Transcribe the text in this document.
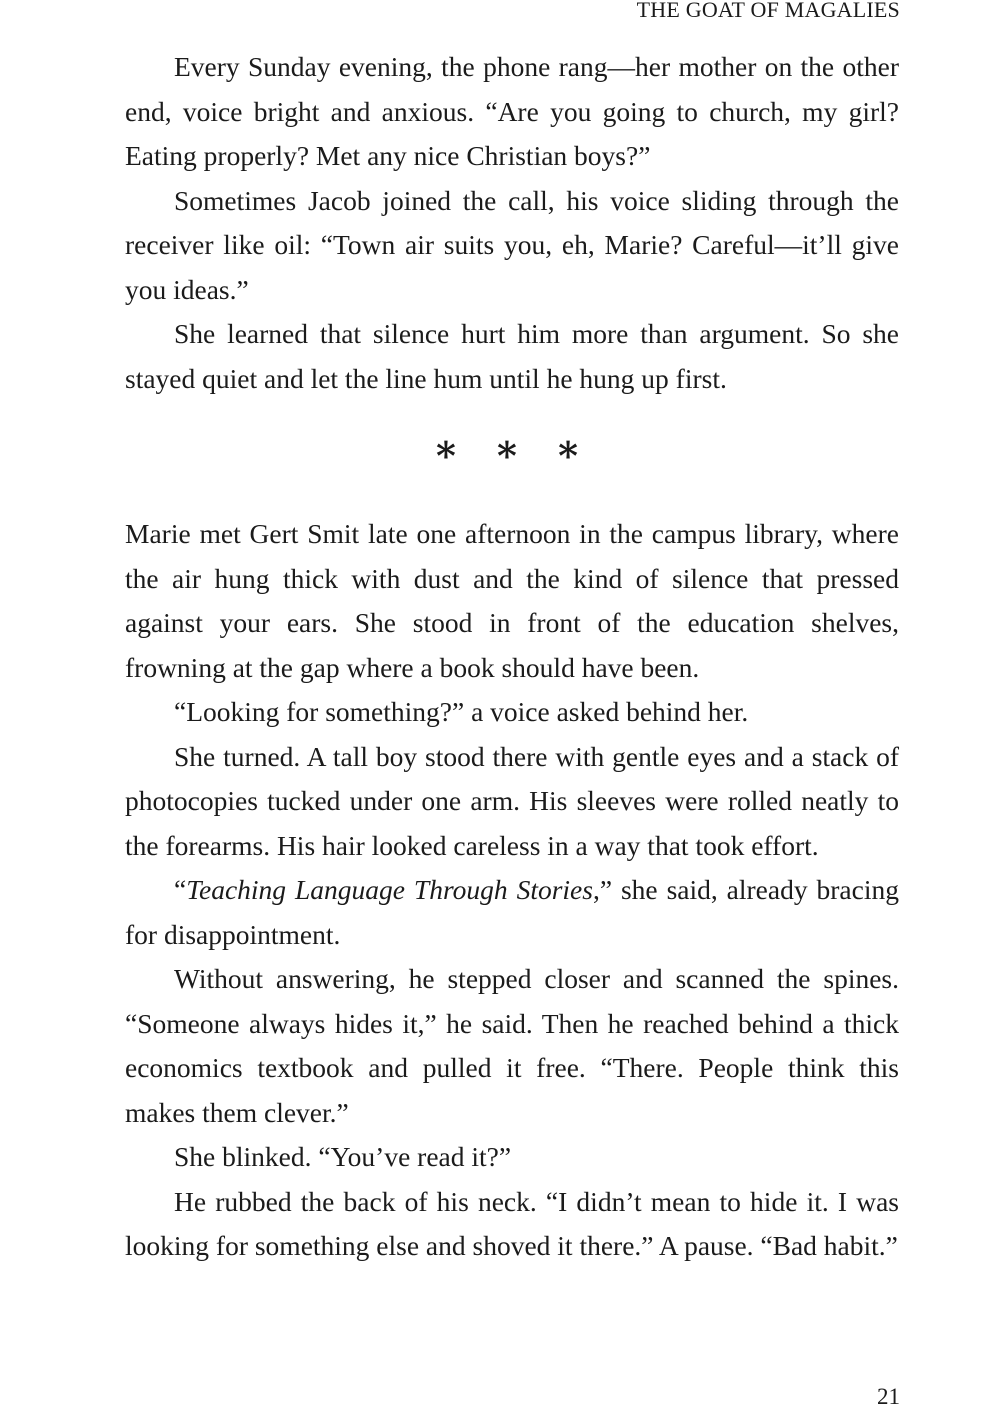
THE GOAT OF MAGALIES

Every Sunday evening, the phone rang—her mother on the other end, voice bright and anxious. “Are you going to church, my girl? Eating properly? Met any nice Christian boys?”

Sometimes Jacob joined the call, his voice sliding through the receiver like oil: “Town air suits you, eh, Marie? Careful—it’ll give you ideas.”

She learned that silence hurt him more than argument. So she stayed quiet and let the line hum until he hung up first.

* * *

Marie met Gert Smit late one afternoon in the campus library, where the air hung thick with dust and the kind of silence that pressed against your ears. She stood in front of the education shelves, frowning at the gap where a book should have been.

“Looking for something?” a voice asked behind her.

She turned. A tall boy stood there with gentle eyes and a stack of photocopies tucked under one arm. His sleeves were rolled neatly to the forearms. His hair looked careless in a way that took effort.

“Teaching Language Through Stories,” she said, already bracing for disappointment.

Without answering, he stepped closer and scanned the spines. “Someone always hides it,” he said. Then he reached behind a thick economics textbook and pulled it free. “There. People think this makes them clever.”

She blinked. “You’ve read it?”

He rubbed the back of his neck. “I didn’t mean to hide it. I was looking for something else and shoved it there.” A pause. “Bad habit.”

21
